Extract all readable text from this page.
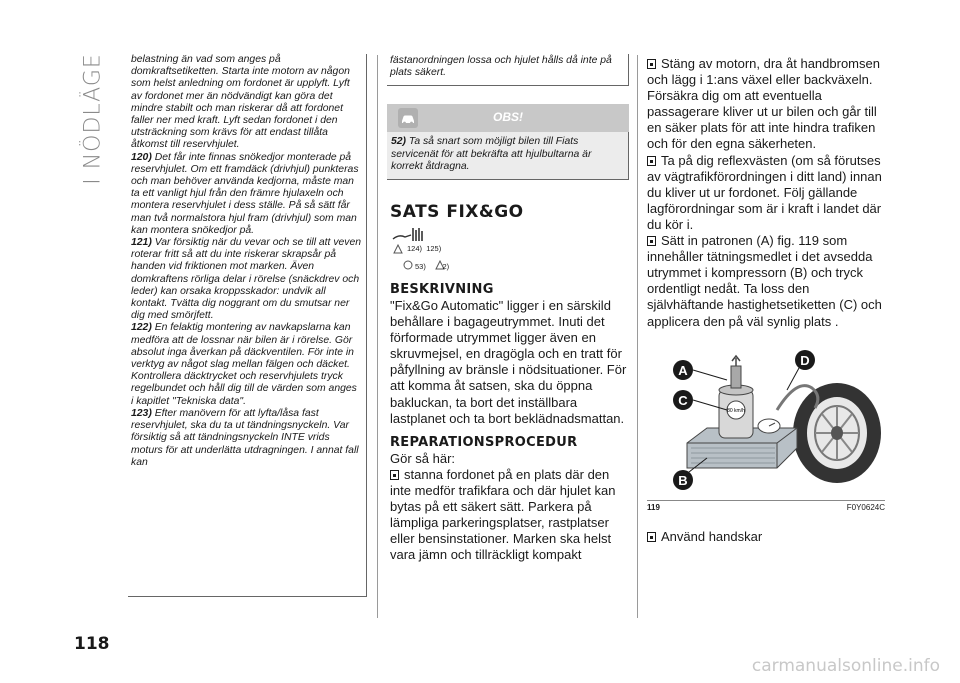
I NÖDLÄGE belastning än vad som anges på domkraftsetiketten. Starta inte motorn av någon som helst anledning om fordonet är upplyft. Lyft av fordonet mer än nödvändigt kan göra det mindre stabilt och man riskerar då att fordonet faller ner med kraft. Lyft sedan fordonet i den utsträckning som krävs för att endast tillåta åtkomst till reservhjulet.
120) Det får inte finnas snökedjor monterade på reservhjulet. Om ett framdäck (drivhjul) punkteras och man behöver använda kedjorna, måste man ta ett vanligt hjul från den främre hjulaxeln och montera reservhjulet i dess ställe. På så sätt får man två normalstora hjul fram (drivhjul) som man kan montera snökedjor på.
121) Var försiktig när du vevar och se till att veven roterar fritt så att du inte riskerar skrapsår på handen vid friktionen mot marken. Även domkraftens rörliga delar i rörelse (snäckdrev och leder) kan orsaka kroppsskador: undvik all kontakt. Tvätta dig noggrant om du smutsar ner dig med smörjfett.
122) En felaktig montering av navkapslarna kan medföra att de lossnar när bilen är i rörelse. Gör absolut inga åverkan på däckventilen. För inte in verktyg av något slag mellan fälgen och däcket. Kontrollera däcktrycket och reservhjulets tryck regelbundet och håll dig till de värden som anges i kapitlet "Tekniska data".
123) Efter manövern för att lyfta/låsa fast reservhjulet, ska du ta ut tändningsnyckeln. Var försiktig så att tändningsnyckeln INTE vrids moturs för att underlätta utdragningen. I annat fall kan

fästanordningen lossa och hjulet hålls då inte på plats säkert.
OBS!
52) Ta så snart som möjligt bilen till Fiats servicenät för att bekräfta att hjulbultarna är korrekt åtdragna.
SATS FIX&GO
124) 125)
53) 2)
BESKRIVNING

"Fix&Go Automatic" ligger i en särskild behållare i bagageutrymmet. Inuti det förformade utrymmet ligger även en skruvmejsel, en dragögla och en tratt för påfyllning av bränsle i nödsituationer. För att komma åt satsen, ska du öppna bakluckan, ta bort det inställbara lastplanet och ta bort beklädnadsmattan.

REPARATIONSPROCEDUR

Gör så här:

stanna fordonet på en plats där den inte medför trafikfara och där hjulet kan bytas på ett säkert sätt. Parkera på lämpliga parkeringsplatser, rastplatser eller bensinstationer. Marken ska helst vara jämn och tillräckligt kompakt

Stäng av motorn, dra åt handbromsen och lägg i 1:ans växel eller backväxeln. Försäkra dig om att eventuella passagerare kliver ut ur bilen och går till en säker plats för att inte hindra trafiken och för den egna säkerheten.

Ta på dig reflexvästen (om så förutses av vägtrafikförordningen i ditt land) innan du kliver ut ur fordonet. Följ gällande lagförordningar som är i kraft i landet där du kör i.

Sätt in patronen (A) fig. 119 som innehåller tätningsmedlet i det avsedda utrymmet i kompressorn (B) och tryck ordentligt nedåt. Ta loss den självhäftande hastighetsetiketten (C) och applicera den på väl synlig plats .

80 km/h
A
C
B
D
119	F0Y0624C

Använd handskar

118
carmanualsonline.info
